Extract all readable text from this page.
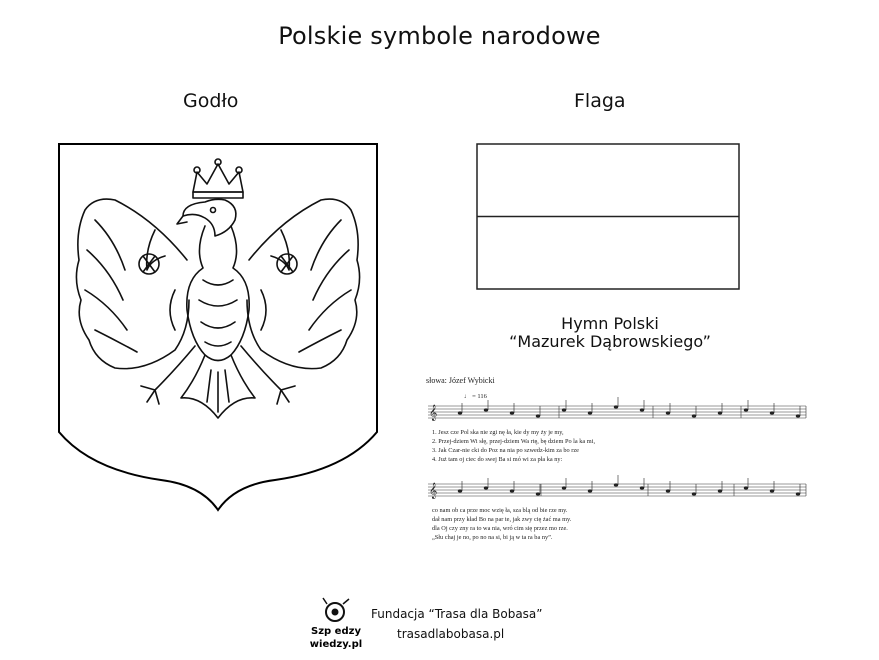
Polskie symbole narodowe
Godło	Flaga
Hymn Polski
“Mazurek Dąbrowskiego”
słowa: Józef Wybicki
♩ = 116
𝄞
1. Jesz cze Pol ska nie zgi nę ła, kie dy my ży je my,
2. Przej-dziem Wi słę, przej-dziem Wa rtę, bę dziem Po la ka mi,
3. Jak Czar-nie cki do Poz na nia po szwedz-kim za bo rze
4. Już tam oj ciec do swej Ba si mó wi za pła ka ny:
𝄞
co nam ob ca prze moc wzię ła, sza blą od bie rze my.
dał nam przy kład Bo na par te, jak zwy cię żać ma my.
dla Oj czy zny ra to wa nia, wró cim się przez mo rze.
„Słu chaj je no, po no na si, bi ją w ta ra ba ny”.
Szp edzy
wiedzy.pl
Fundacja “Trasa dla Bobasa”
trasadlabobasa.pl
